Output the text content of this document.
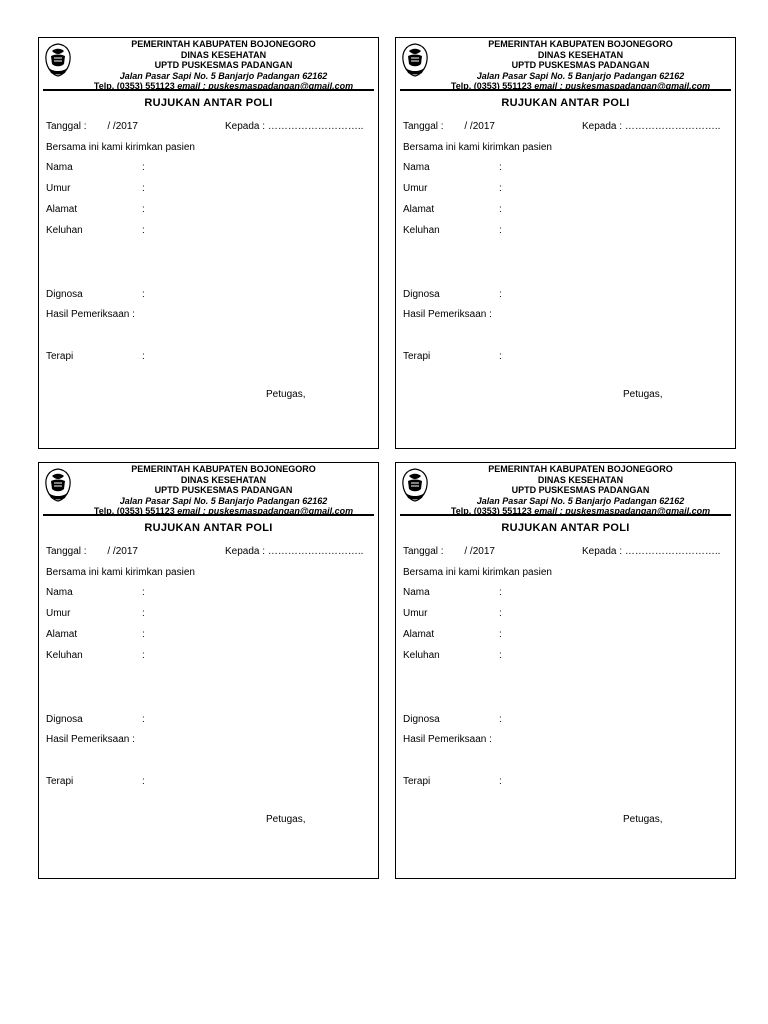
PEMERINTAH KABUPATEN BOJONEGORO
DINAS KESEHATAN
UPTD PUSKESMAS PADANGAN
Jalan Pasar Sapi No. 5 Banjarjo Padangan 62162
Telp. (0353) 551123 email : puskesmaspadangan@gmail.com
RUJUKAN ANTAR POLI
Tanggal : / /2017	Kepada : ………………………..
Bersama ini kami kirimkan pasien
Nama	:
Umur	:
Alamat	:
Keluhan	:
Dignosa	:
Hasil Pemeriksaan :
Terapi	:
Petugas,
PEMERINTAH KABUPATEN BOJONEGORO
DINAS KESEHATAN
UPTD PUSKESMAS PADANGAN
Jalan Pasar Sapi No. 5 Banjarjo Padangan 62162
Telp. (0353) 551123 email : puskesmaspadangan@gmail.com
RUJUKAN ANTAR POLI
Tanggal : / /2017	Kepada : ………………………..
Bersama ini kami kirimkan pasien
Nama	:
Umur	:
Alamat	:
Keluhan	:
Dignosa	:
Hasil Pemeriksaan :
Terapi	:
Petugas,
PEMERINTAH KABUPATEN BOJONEGORO
DINAS KESEHATAN
UPTD PUSKESMAS PADANGAN
Jalan Pasar Sapi No. 5 Banjarjo Padangan 62162
Telp. (0353) 551123 email : puskesmaspadangan@gmail.com
RUJUKAN ANTAR POLI
Tanggal : / /2017	Kepada : ………………………..
Bersama ini kami kirimkan pasien
Nama	:
Umur	:
Alamat	:
Keluhan	:
Dignosa	:
Hasil Pemeriksaan :
Terapi	:
Petugas,
PEMERINTAH KABUPATEN BOJONEGORO
DINAS KESEHATAN
UPTD PUSKESMAS PADANGAN
Jalan Pasar Sapi No. 5 Banjarjo Padangan 62162
Telp. (0353) 551123 email : puskesmaspadangan@gmail.com
RUJUKAN ANTAR POLI
Tanggal : / /2017	Kepada : ………………………..
Bersama ini kami kirimkan pasien
Nama	:
Umur	:
Alamat	:
Keluhan	:
Dignosa	:
Hasil Pemeriksaan :
Terapi	:
Petugas,
